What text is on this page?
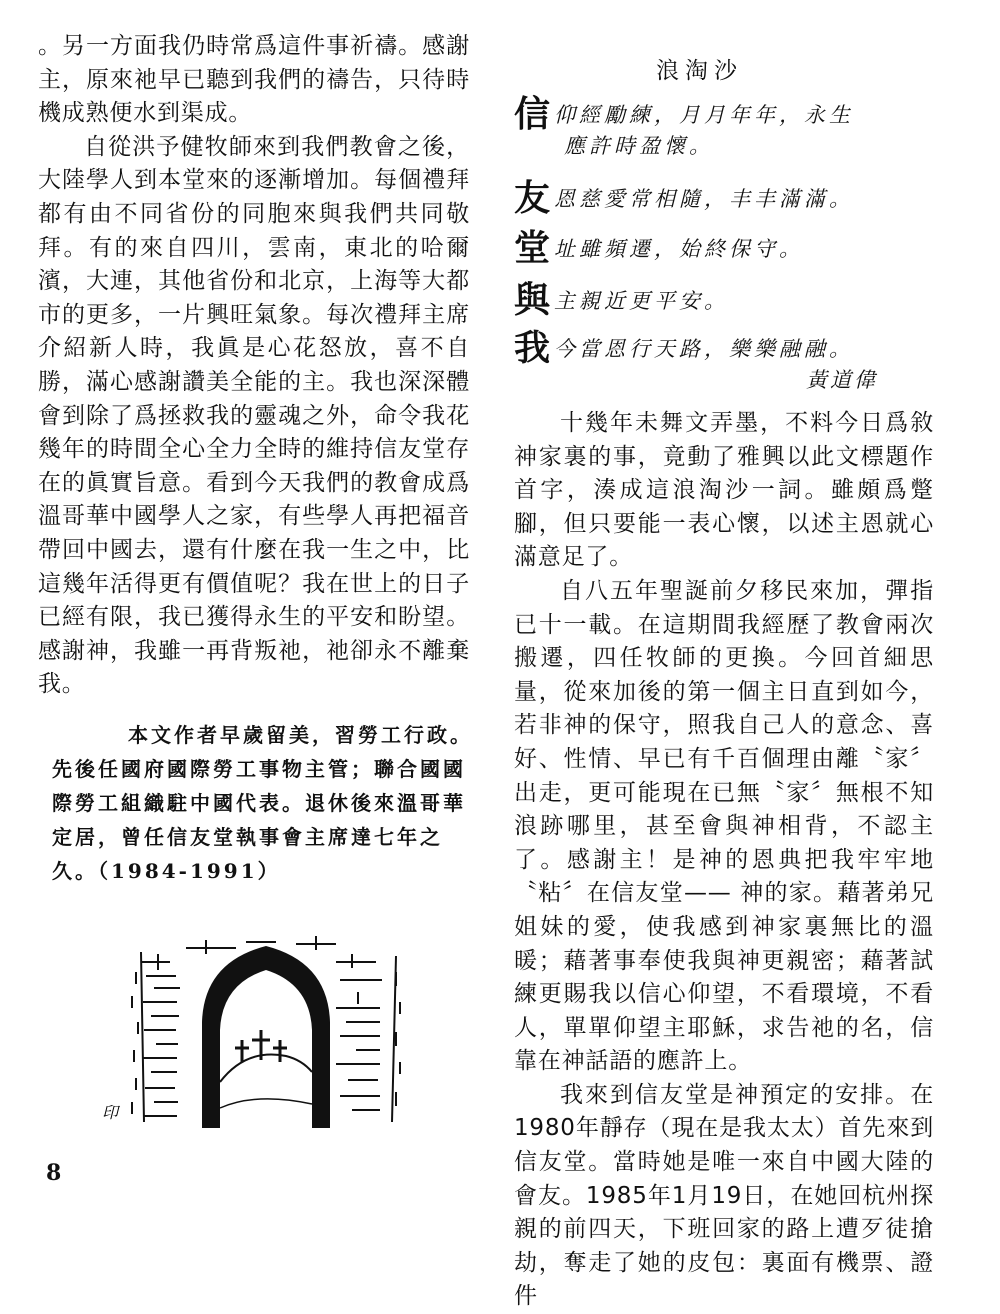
。另一方面我仍時常爲這件事祈禱。感謝主，原來祂早已聽到我們的禱告，只待時機成熟便水到渠成。

自從洪予健牧師來到我們教會之後，大陸學人到本堂來的逐漸增加。每個禮拜都有由不同省份的同胞來與我們共同敬拜。有的來自四川，雲南，東北的哈爾濱，大連，其他省份和北京，上海等大都市的更多，一片興旺氣象。每次禮拜主席介紹新人時，我眞是心花怒放，喜不自勝，滿心感謝讚美全能的主。我也深深體會到除了爲拯救我的靈魂之外，命令我花幾年的時間全心全力全時的維持信友堂存在的眞實旨意。看到今天我們的教會成爲溫哥華中國學人之家，有些學人再把福音帶回中國去，還有什麼在我一生之中，比這幾年活得更有價值呢？我在世上的日子已經有限，我已獲得永生的平安和盼望。感謝神，我雖一再背叛祂，祂卻永不離棄我。

本文作者早歲留美，習勞工行政。先後任國府國際勞工事物主管；聯合國國際勞工組織駐中國代表。退休後來溫哥華定居，曾任信友堂執事會主席達七年之久。（1984-1991）

印

浪淘沙

信仰經勵練，月月年年，永生

應許時盈懷。

友恩慈愛常相隨，丰丰滿滿。

堂址雖頻遷，始終保守。

與主親近更平安。

我今當恩行天路，樂樂融融。

黃道偉

十幾年未舞文弄墨，不料今日爲敘神家裏的事，竟動了雅興以此文標題作首字，湊成這浪淘沙一詞。雖頗爲蹩腳，但只要能一表心懷，以述主恩就心滿意足了。

自八五年聖誕前夕移民來加，彈指已十一載。在這期間我經歷了教會兩次搬遷，四任牧師的更換。今回首細思量，從來加後的第一個主日直到如今，若非神的保守，照我自己人的意念、喜好、性情、早已有千百個理由離〝家〞出走，更可能現在已無〝家〞無根不知浪跡哪里，甚至會與神相背，不認主了。感謝主！是神的恩典把我牢牢地〝粘〞在信友堂—— 神的家。藉著弟兄姐妹的愛，使我感到神家裏無比的溫暖；藉著事奉使我與神更親密；藉著試練更賜我以信心仰望，不看環境，不看人，單單仰望主耶穌，求告祂的名，信靠在神話語的應許上。

我來到信友堂是神預定的安排。在1980年靜存（現在是我太太）首先來到信友堂。當時她是唯一來自中國大陸的會友。1985年1月19日，在她回杭州探親的前四天，下班回家的路上遭歹徒搶劫，奪走了她的皮包：裏面有機票、證件

8
